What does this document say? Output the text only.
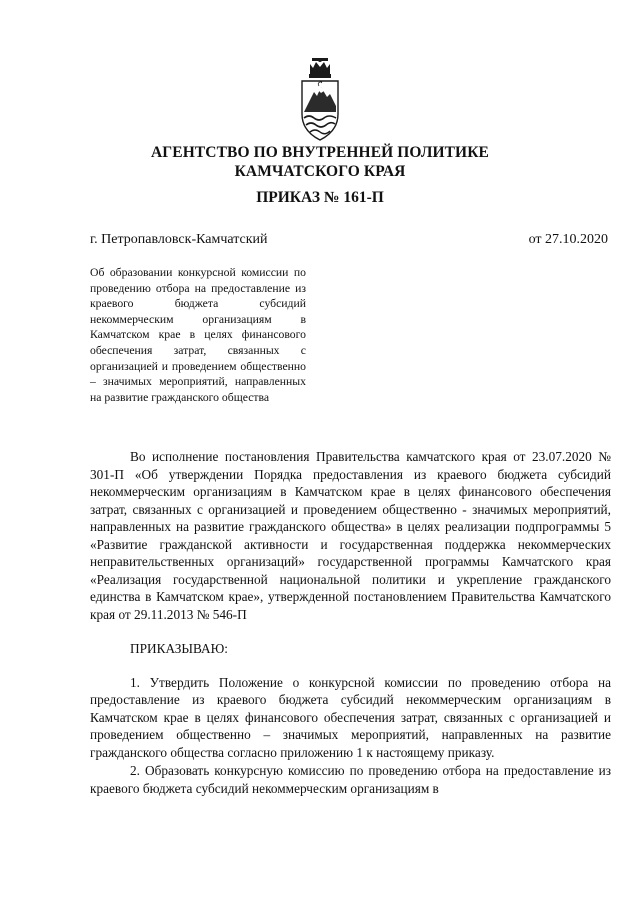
АГЕНТСТВО ПО ВНУТРЕННЕЙ ПОЛИТИКЕ
КАМЧАТСКОГО КРАЯ
ПРИКАЗ № 161-П
г. Петропавловск-Камчатский	от 27.10.2020
Об образовании конкурсной комиссии по проведению отбора на предоставление из краевого бюджета субсидий некоммерческим организациям в Камчатском крае в целях финансового обеспечения затрат, связанных с организацией и проведением общественно – значимых мероприятий, направленных на развитие гражданского общества

Во исполнение постановления Правительства камчатского края от 23.07.2020 № 301-П «Об утверждении Порядка предоставления из краевого бюджета субсидий некоммерческим организациям в Камчатском крае в целях финансового обеспечения затрат, связанных с организацией и проведением общественно - значимых мероприятий, направленных на развитие гражданского общества» в целях реализации подпрограммы 5 «Развитие гражданской активности и государственная поддержка некоммерческих неправительственных организаций» государственной программы Камчатского края «Реализация государственной национальной политики и укрепление гражданского единства в Камчатском крае», утвержденной постановлением Правительства Камчатского края от 29.11.2013 № 546-П

ПРИКАЗЫВАЮ:

1. Утвердить Положение о конкурсной комиссии по проведению отбора на предоставление из краевого бюджета субсидий некоммерческим организациям в Камчатском крае в целях финансового обеспечения затрат, связанных с организацией и проведением общественно – значимых мероприятий, направленных на развитие гражданского общества согласно приложению 1 к настоящему приказу.

2. Образовать конкурсную комиссию по проведению отбора на предоставление из краевого бюджета субсидий некоммерческим организациям в
